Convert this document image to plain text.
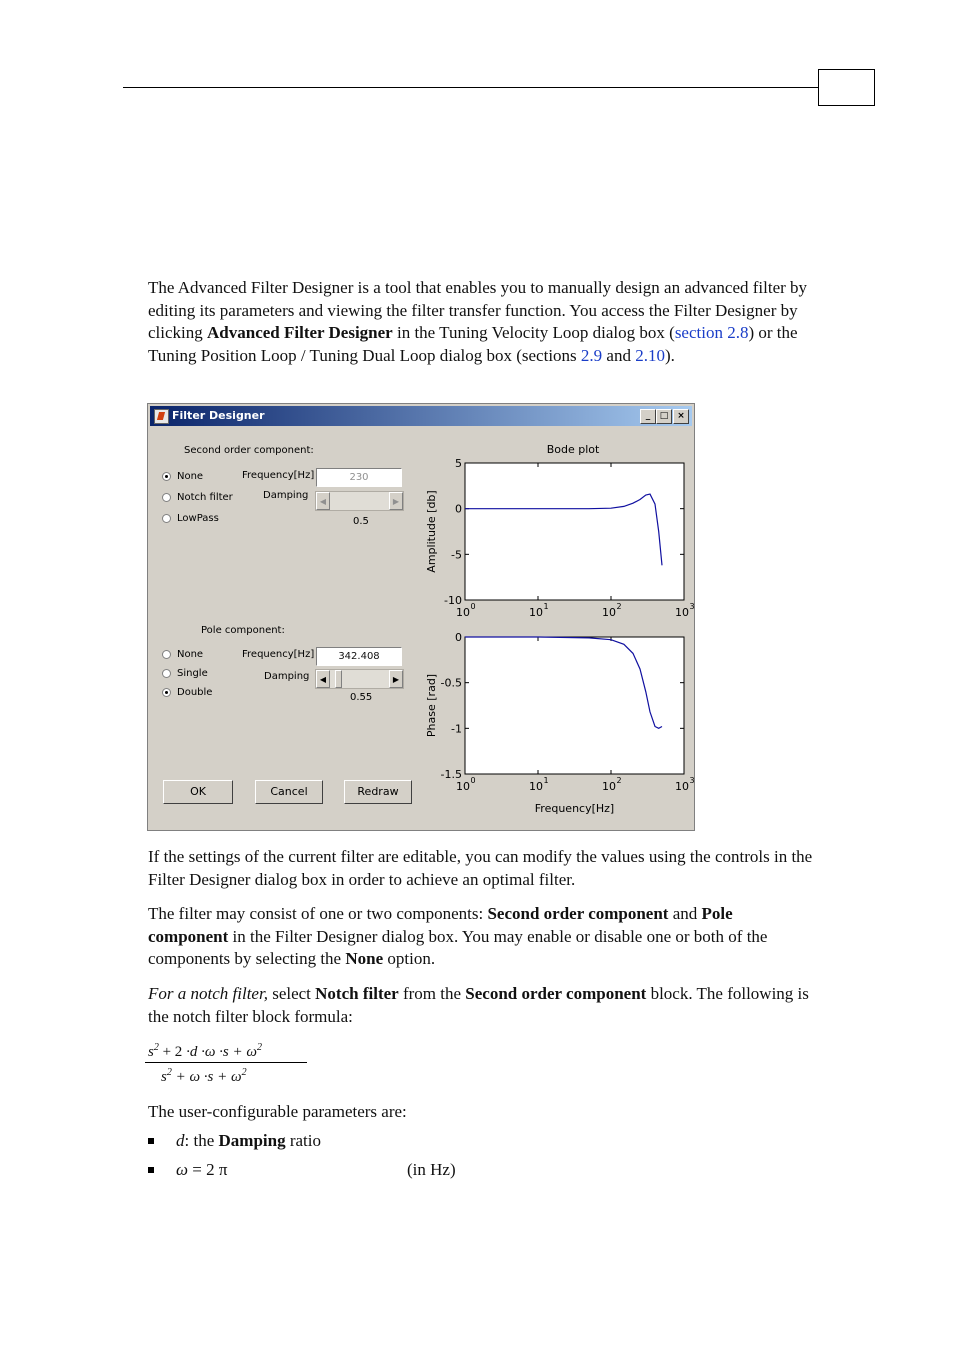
The Advanced Filter Designer is a tool that enables you to manually design an advanced filter by editing its parameters and viewing the filter transfer function. You access the Filter Designer by clicking Advanced Filter Designer in the Tuning Velocity Loop dialog box (section 2.8) or the Tuning Position Loop / Tuning Dual Loop dialog box (sections 2.9 and 2.10).

Filter Designer	_	□ ×
Second order component:
None
Notch filter
LowPass
Frequency[Hz]	230
Damping
◀	▶
0.5
Pole component:
None
Single
Double
Frequency[Hz]	342.408
Damping	◀	▶
0.55
OK	Cancel	Redraw
Bode plot
5
0
-5
-10
10 0	10 1	10 2	10 3
Amplitude [db]
0
-0.5
-1
-1.5
10 0	10 1	10 2	10 3
Phase [rad]
Frequency[Hz]

If the settings of the current filter are editable, you can modify the values using the controls in the Filter Designer dialog box in order to achieve an optimal filter.

The filter may consist of one or two components: Second order component and Pole component in the Filter Designer dialog box. You may enable or disable one or both of the components by selecting the None option.

For a notch filter, select Notch filter from the Second order component block. The following is the notch filter block formula:

$s^2 + 2 \cdot d \cdot\omega \cdot s + \omega^2$
$s^2 + \omega \cdot s + \omega^2$

The user-configurable parameters are:

d: the Damping ratio
ω = 2 π	(in Hz)
